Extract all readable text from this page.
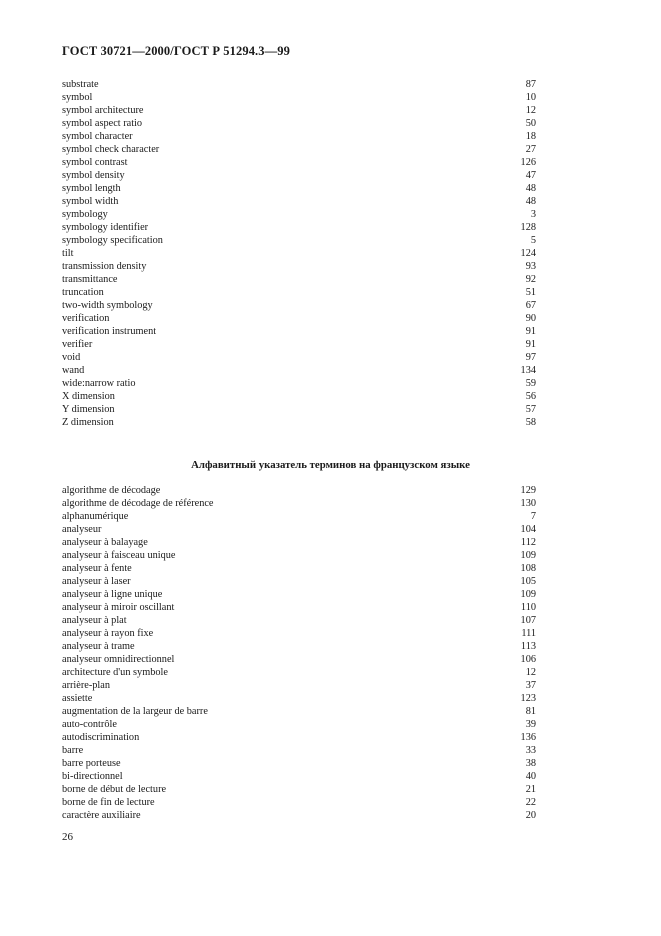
ГОСТ 30721—2000/ГОСТ Р 51294.3—99
substrate	87
symbol	10
symbol architecture	12
symbol aspect ratio	50
symbol character	18
symbol check character	27
symbol contrast	126
symbol density	47
symbol length	48
symbol width	48
symbology	3
symbology identifier	128
symbology specification	5
tilt	124
transmission density	93
transmittance	92
truncation	51
two-width symbology	67
verification	90
verification instrument	91
verifier	91
void	97
wand	134
wide:narrow ratio	59
X dimension	56
Y dimension	57
Z dimension	58
Алфавитный указатель терминов на французском языке
algorithme de décodage	129
algorithme de décodage de référence	130
alphanumérique	7
analyseur	104
analyseur à balayage	112
analyseur à faisceau unique	109
analyseur à fente	108
analyseur à laser	105
analyseur à ligne unique	109
analyseur à miroir oscillant	110
analyseur à plat	107
analyseur à rayon fixe	111
analyseur à trame	113
analyseur omnidirectionnel	106
architecture d'un symbole	12
arrière-plan	37
assiette	123
augmentation de la largeur de barre	81
auto-contrôle	39
autodiscrimination	136
barre	33
barre porteuse	38
bi-directionnel	40
borne de début de lecture	21
borne de fin de lecture	22
caractère auxiliaire	20
26
